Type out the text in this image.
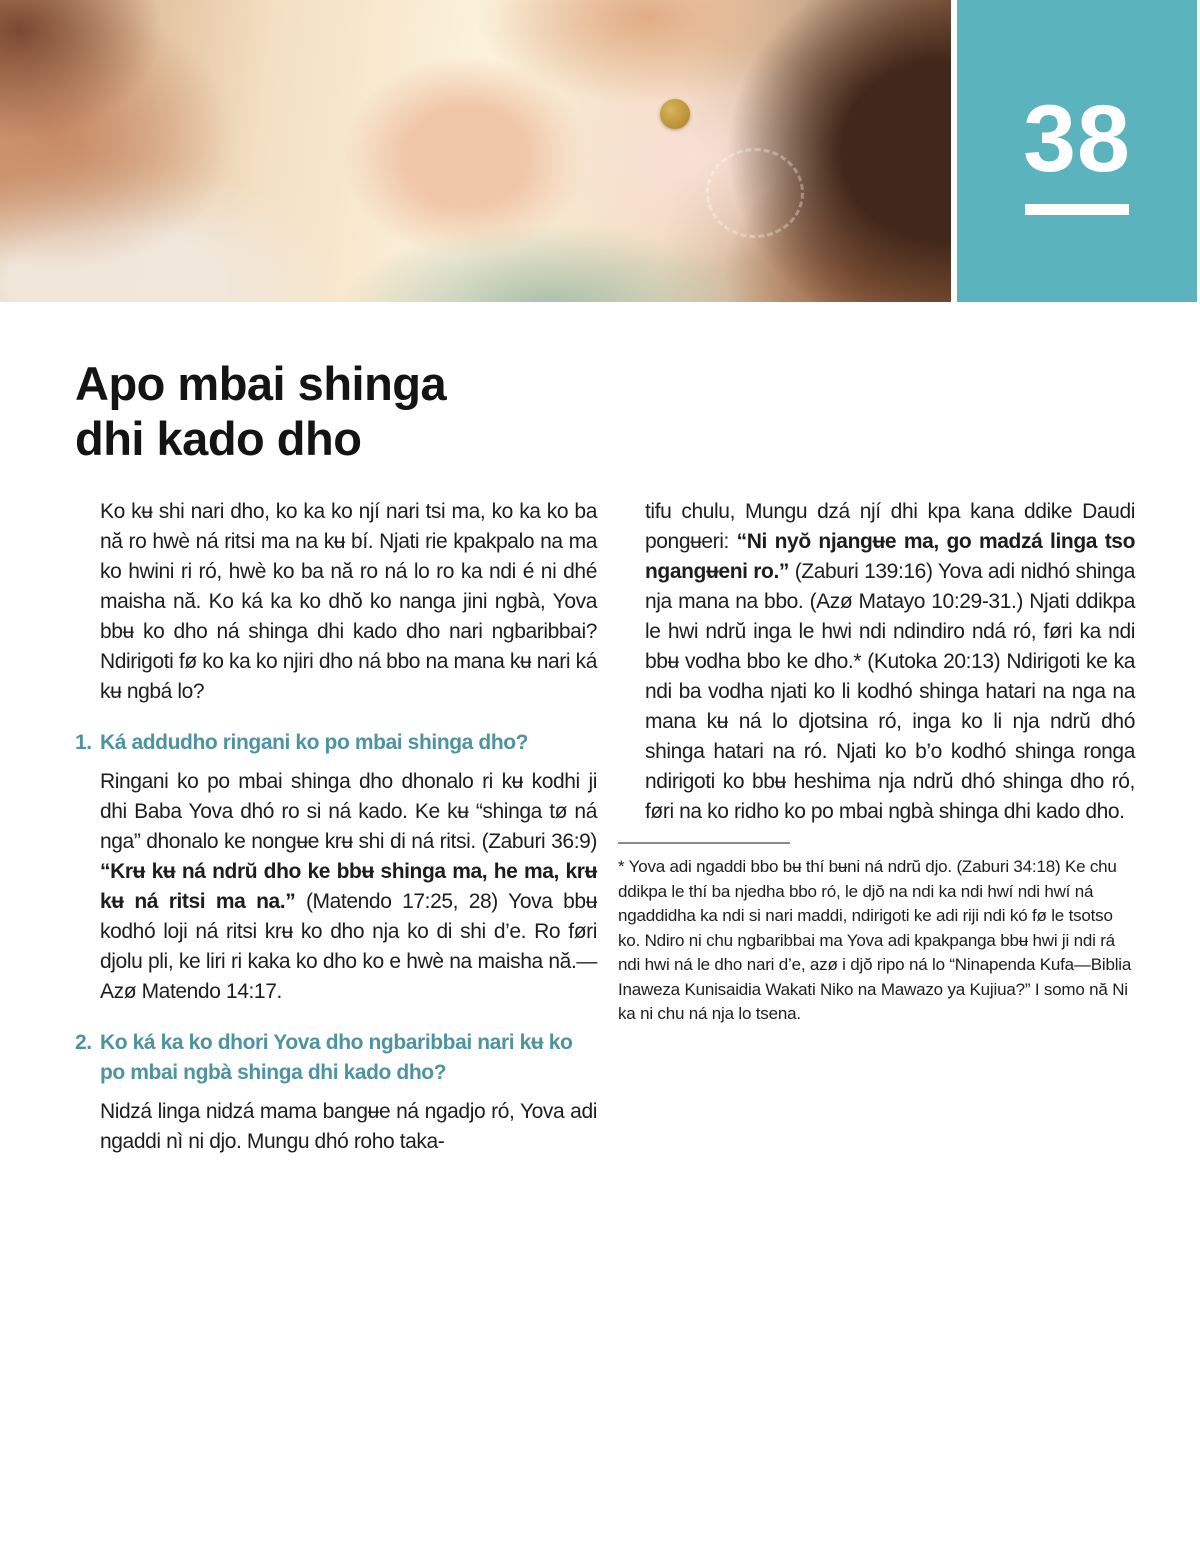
38
Apo mbai shinga dhi kado dho

Ko kʉ shi nari dho, ko ka ko njí nari tsi ma, ko ka ko ba nă ro hwè ná ritsi ma na kʉ bí. Njati rie kpakpalo na ma ko hwini ri ró, hwè ko ba nă ro ná lo ro ka ndi é ni dhé maisha nă. Ko ká ka ko dhŏ ko nanga jini ngbà, Yova bbʉ ko dho ná shinga dhi kado dho nari ngbaribbai? Ndirigoti fø ko ka ko njiri dho ná bbo na mana kʉ nari ká kʉ ngbá lo?

1. Ká addudho ringani ko po mbai shinga dho?

Ringani ko po mbai shinga dho dhonalo ri kʉ kodhi ji dhi Baba Yova dhó ro si ná kado. Ke kʉ “shinga tø ná nga” dhonalo ke nongʉe krʉ shi di ná ritsi. (Zaburi 36:9) “Krʉ kʉ ná ndrŭ dho ke bbʉ shinga ma, he ma, krʉ kʉ ná ritsi ma na.” (Matendo 17:25, 28) Yova bbʉ kodhó loji ná ritsi krʉ ko dho nja ko di shi d’e. Ro føri djolu pli, ke liri ri kaka ko dho ko e hwè na maisha nă.—Azø Matendo 14:17.

2. Ko ká ka ko dhori Yova dho ngbaribbai nari kʉ ko po mbai ngbà shinga dhi kado dho?

Nidzá linga nidzá mama bangʉe ná ngadjo ró, Yova adi ngaddi nì ni djo. Mungu dhó roho taka-

tifu chulu, Mungu dzá njí dhi kpa kana ddike Daudi pongʉeri: “Ni nyŏ njangʉe ma, go madzá linga tso ngangʉeni ro.” (Zaburi 139:16) Yova adi nidhó shinga nja mana na bbo. (Azø Matayo 10:29-31.) Njati ddikpa le hwi ndrŭ inga le hwi ndi ndindiro ndá ró, føri ka ndi bbʉ vodha bbo ke dho.* (Kutoka 20:13) Ndirigoti ke ka ndi ba vodha njati ko li kodhó shinga hatari na nga na mana kʉ ná lo djotsina ró, inga ko li nja ndrŭ dhó shinga hatari na ró. Njati ko b’o kodhó shinga ronga ndirigoti ko bbʉ heshima nja ndrŭ dhó shinga dho ró, føri na ko ridho ko po mbai ngbà shinga dhi kado dho.

* Yova adi ngaddi bbo bʉ thí bʉni ná ndrŭ djo. (Zaburi 34:18) Ke chu ddikpa le thí ba njedha bbo ró, le djŏ na ndi ka ndi hwí ndi hwí ná ngaddidha ka ndi si nari maddi, ndirigoti ke adi riji ndi kó fø le tsotso ko. Ndiro ni chu ngbaribbai ma Yova adi kpakpanga bbʉ hwi ji ndi rá ndi hwi ná le dho nari d’e, azø i djŏ ripo ná lo “Ninapenda Kufa—Biblia Inaweza Kunisaidia Wakati Niko na Mawazo ya Kujiua?” I somo nă Ni ka ni chu ná nja lo tsena.
